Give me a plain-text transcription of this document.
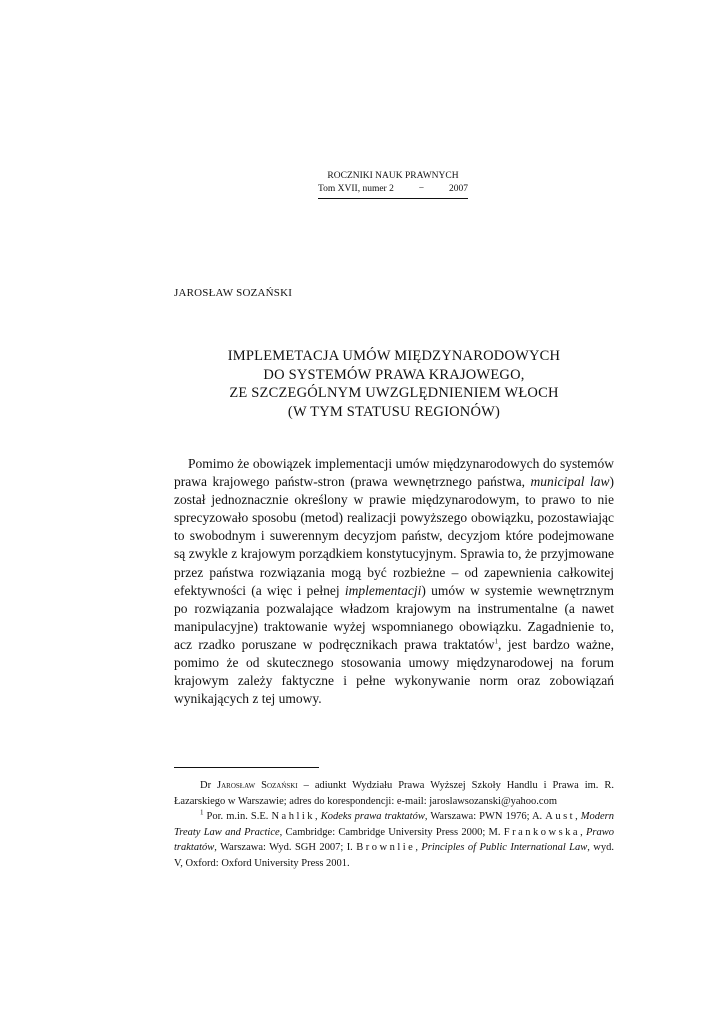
ROCZNIKI NAUK PRAWNYCH
Tom XVII, numer 2	−	2007
JAROSŁAW SOZAŃSKI
IMPLEMETACJA UMÓW MIĘDZYNARODOWYCH
DO SYSTEMÓW PRAWA KRAJOWEGO,
ZE SZCZEGÓLNYM UWZGLĘDNIENIEM WŁOCH
(W TYM STATUSU REGIONÓW)

Pomimo że obowiązek implementacji umów międzynarodowych do systemów prawa krajowego państw-stron (prawa wewnętrznego państwa, municipal law) został jednoznacznie określony w prawie międzynarodowym, to prawo to nie sprecyzowało sposobu (metod) realizacji powyższego obowiązku, pozostawiając to swobodnym i suwerennym decyzjom państw, decyzjom które podejmowane są zwykle z krajowym porządkiem konstytucyjnym. Sprawia to, że przyjmowane przez państwa rozwiązania mogą być rozbieżne – od zapewnienia całkowitej efektywności (a więc i pełnej implementacji) umów w systemie wewnętrznym po rozwiązania pozwalające władzom krajowym na instrumentalne (a nawet manipulacyjne) traktowanie wyżej wspomnianego obowiązku. Zagadnienie to, acz rzadko poruszane w podręcznikach prawa traktatów$^1$, jest bardzo ważne, pomimo że od skutecznego stosowania umowy międzynarodowej na forum krajowym zależy faktyczne i pełne wykonywanie norm oraz zobowiązań wynikających z tej umowy.

Dr Jarosław Sozański – adiunkt Wydziału Prawa Wyższej Szkoły Handlu i Prawa im. R. Łazarskiego w Warszawie; adres do korespondencji: e-mail: jaroslawsozanski@yahoo.com

$^1$ Por. m.in. S.E. Nahlik, Kodeks prawa traktatów, Warszawa: PWN 1976; A. Aust, Modern Treaty Law and Practice, Cambridge: Cambridge University Press 2000; M. Frankowska, Prawo traktatów, Warszawa: Wyd. SGH 2007; I. Brownlie, Principles of Public International Law, wyd. V, Oxford: Oxford University Press 2001.
